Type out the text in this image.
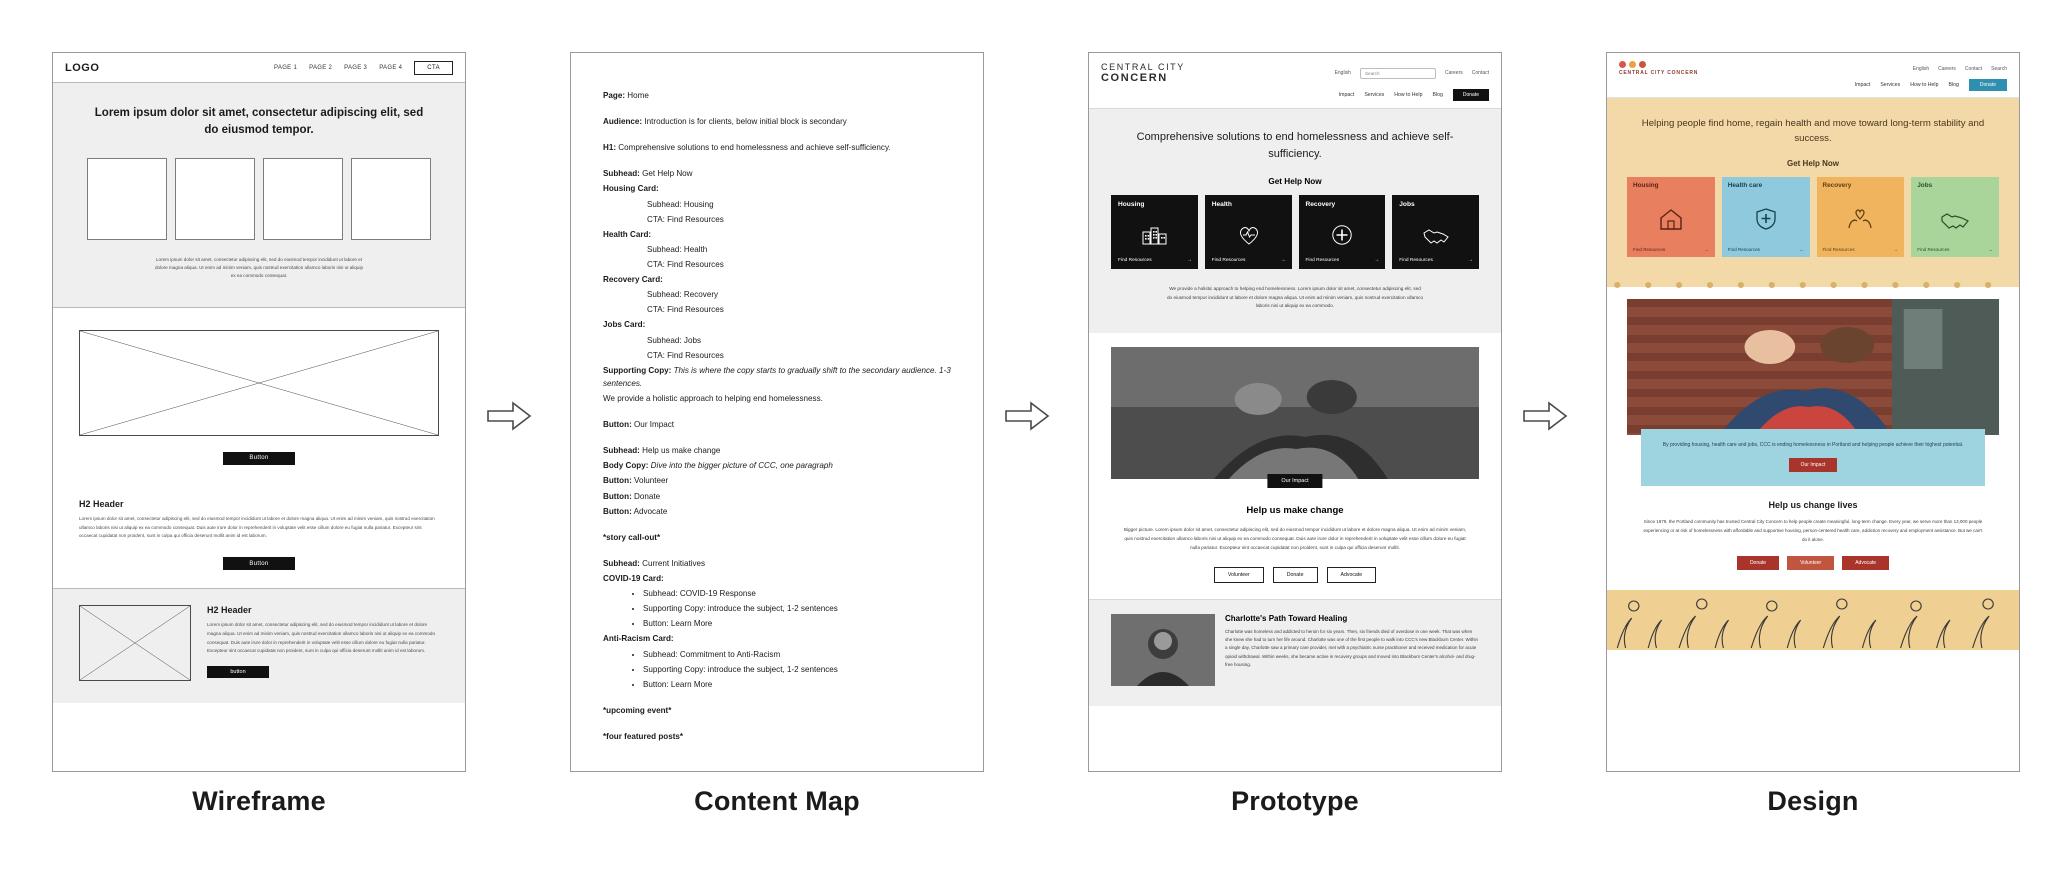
LOGO	PAGE 1 PAGE 2 PAGE 3 PAGE 4	CTA
Lorem ipsum dolor sit amet, consectetur adipiscing elit, sed do eiusmod tempor.
Lorem ipsum dolor sit amet, consectetur adipiscing elit, sed do eiusmod tempor incididunt ut labore et dolore magna aliqua. Ut enim ad minim veniam, quis nostrud exercitation ullamco laboris nisi ut aliquip ex ea commodo consequat.
Button
H2 Header
Lorem ipsum dolor sit amet, consectetur adipiscing elit, sed do eiusmod tempor incididunt ut labore et dolore magna aliqua. Ut enim ad minim veniam, quis nostrud exercitation ullamco laboris nisi ut aliquip ex ea commodo consequat. Duis aute irure dolor in reprehenderit in voluptate velit esse cillum dolore eu fugiat nulla pariatur. Excepteur sint occaecat cupidatat non proident, sunt in culpa qui officia deserunt mollit anim id est laborum.
Button
H2 Header
Lorem ipsum dolor sit amet, consectetur adipiscing elit, sed do eiusmod tempor incididunt ut labore et dolore magna aliqua. Ut enim ad minim veniam, quis nostrud exercitation ullamco laboris nisi ut aliquip ex ea commodo consequat. Duis aute irure dolor in reprehenderit in voluptate velit esse cillum dolore eu fugiat nulla pariatur. Excepteur sint occaecat cupidatat non proident, sunt in culpa qui officia deserunt mollit anim id est laborum.
button
Wireframe
Page: Home
Audience: Introduction is for clients, below initial block is secondary
H1: Comprehensive solutions to end homelessness and achieve self-sufficiency.
Subhead: Get Help Now
Housing Card:
Subhead: Housing
CTA: Find Resources
Health Card:
Subhead: Health
CTA: Find Resources
Recovery Card:
Subhead: Recovery
CTA: Find Resources
Jobs Card:
Subhead: Jobs
CTA: Find Resources
Supporting Copy: This is where the copy starts to gradually shift to the secondary audience. 1-3 sentences.
We provide a holistic approach to helping end homelessness.
Button: Our Impact
Subhead: Help us make change
Body Copy: Dive into the bigger picture of CCC, one paragraph
Button: Volunteer
Button: Donate
Button: Advocate
*story call-out*
Subhead: Current Initiatives
COVID-19 Card:
• Subhead: COVID-19 Response
• Supporting Copy: introduce the subject, 1-2 sentences
• Button: Learn More
Anti-Racism Card:
• Subhead: Commitment to Anti-Racism
• Supporting Copy: introduce the subject, 1-2 sentences
• Button: Learn More
*upcoming event*
*four featured posts*
Content Map
CENTRAL CITY
CONCERN	English	Search	Careers Contact
Impact Services How to Help Blog	Donate
Comprehensive solutions to end homelessness and achieve self-sufficiency.
Get Help Now
Housing
Find Resources	→
Health
Find Resources	→
Recovery
Find Resources	→
Jobs
Find Resources	→
We provide a holistic approach to helping end homelessness. Lorem ipsum dolor sit amet, consectetur adipiscing elit, sed do eiusmod tempor incididunt ut labore et dolore magna aliqua. Ut enim ad minim veniam, quis nostrud exercitation ullamco laboris nisi ut aliquip ex ea commodo.
Our Impact
Help us make change
Bigger picture. Lorem ipsum dolor sit amet, consectetur adipiscing elit, sed do eiusmod tempor incididunt ut labore et dolore magna aliqua. Ut enim ad minim veniam, quis nostrud exercitation ullamco laboris nisi ut aliquip ex ea commodo consequat. Duis aute irure dolor in reprehenderit in voluptate velit esse cillum dolore eu fugiat nulla pariatur. Excepteur sint occaecat cupidatat non proident, sunt in culpa qui officia deserunt mollit.
Volunteer	Donate	Advocate
Charlotte's Path Toward Healing
Charlotte was homeless and addicted to heroin for six years. Then, six friends died of overdose in one week. That was when she knew she had to turn her life around. Charlotte was one of the first people to walk into CCC's new Blackburn Center. Within a single day, Charlotte saw a primary care provider, met with a psychiatric nurse practitioner and received medication for acute opioid withdrawal. Within weeks, she became active in recovery groups and moved into Blackburn Center's alcohol- and drug-free housing.
Prototype
CENTRAL CITY CONCERN
English Careers Contact Search
Impact Services How to Help Blog	Donate
Helping people find home, regain health and move toward long-term stability and success.
Get Help Now
Housing
Find Resources	→
Health care
Find Resources	→
Recovery
Find Resources	→
Jobs
Find Resources	→
By providing housing, health care and jobs, CCC is ending homelessness in Portland and helping people achieve their highest potential.
Our Impact
Help us change lives
Since 1979, the Portland community has trusted Central City Concern to help people create meaningful, long-term change. Every year, we serve more than 13,000 people experiencing or at risk of homelessness with affordable and supportive housing, person-centered health care, addiction recovery and employment assistance. But we can't do it alone.
Donate	Volunteer	Advocate
Design
